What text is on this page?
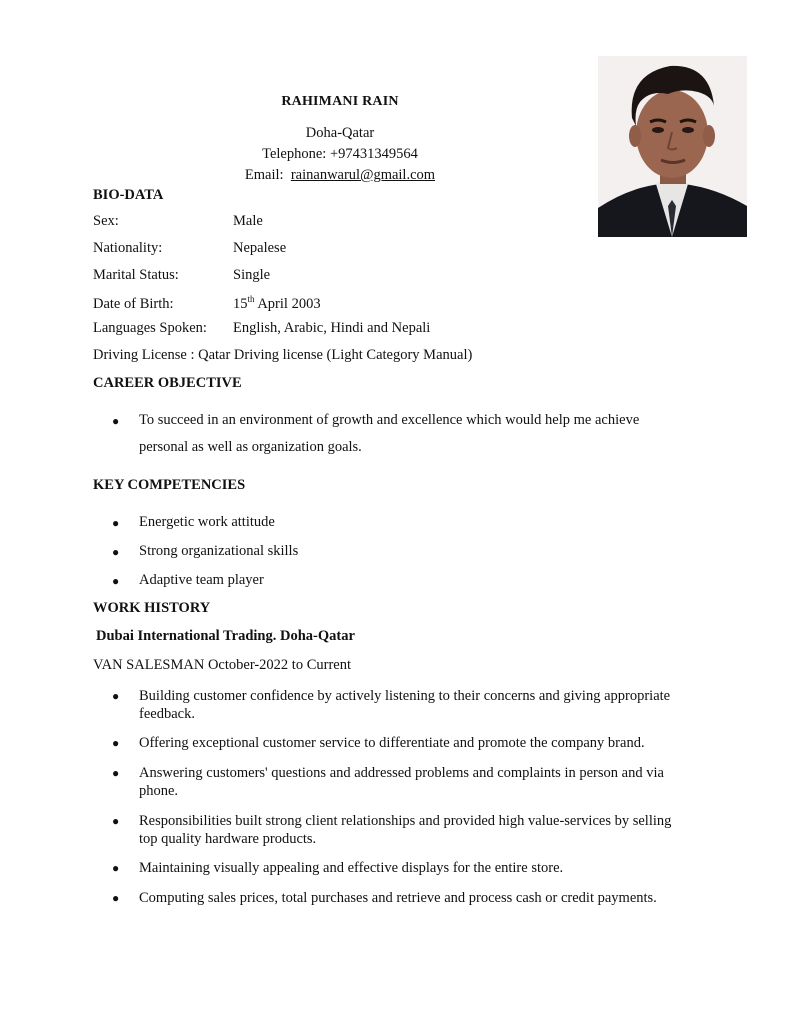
RAHIMANI RAIN
Doha-Qatar
Telephone: +97431349564
Email: rainanwarul@gmail.com
BIO-DATA
Sex:	Male
Nationality:	Nepalese
Marital Status:	Single
Date of Birth:	15th April 2003
Languages Spoken: English, Arabic, Hindi and Nepali
Driving License : Qatar Driving license (Light Category Manual)
CAREER OBJECTIVE
● To succeed in an environment of growth and excellence which would help me achieve
personal as well as organization goals.
KEY COMPETENCIES
● Energetic work attitude
● Strong organizational skills
● Adaptive team player
WORK HISTORY
Dubai International Trading. Doha-Qatar
VAN SALESMAN October-2022 to Current
● Building customer confidence by actively listening to their concerns and giving appropriate feedback.
● Offering exceptional customer service to differentiate and promote the company brand.
● Answering customers' questions and addressed problems and complaints in person and via phone.
● Responsibilities built strong client relationships and provided high value-services by selling top quality hardware products.
● Maintaining visually appealing and effective displays for the entire store.
● Computing sales prices, total purchases and retrieve and process cash or credit payments.
